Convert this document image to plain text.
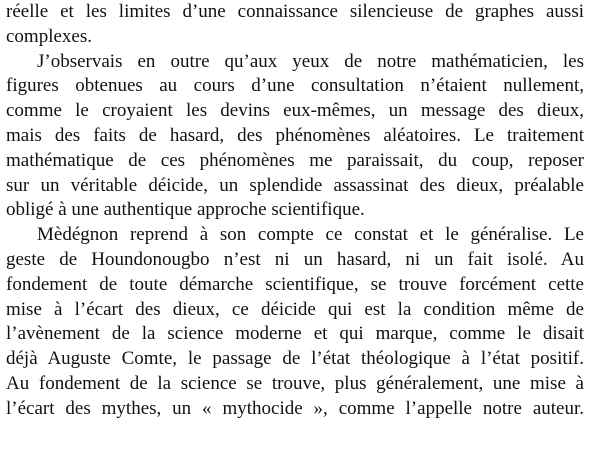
réelle et les limites d’une connaissance silencieuse de graphes aussi
complexes.
J’observais en outre qu’aux yeux de notre mathématicien, les
figures obtenues au cours d’une consultation n’étaient nullement,
comme le croyaient les devins eux-mêmes, un message des dieux,
mais des faits de hasard, des phénomènes aléatoires. Le traitement
mathématique de ces phénomènes me paraissait, du coup, reposer
sur un véritable déicide, un splendide assassinat des dieux, préalable
obligé à une authentique approche scientifique.
Mèdégnon reprend à son compte ce constat et le généralise. Le
geste de Houndonougbo n’est ni un hasard, ni un fait isolé. Au
fondement de toute démarche scientifique, se trouve forcément cette
mise à l’écart des dieux, ce déicide qui est la condition même de
l’avènement de la science moderne et qui marque, comme le disait
déjà Auguste Comte, le passage de l’état théologique à l’état positif.
Au fondement de la science se trouve, plus généralement, une mise à
l’écart des mythes, un « mythocide », comme l’appelle notre auteur.
